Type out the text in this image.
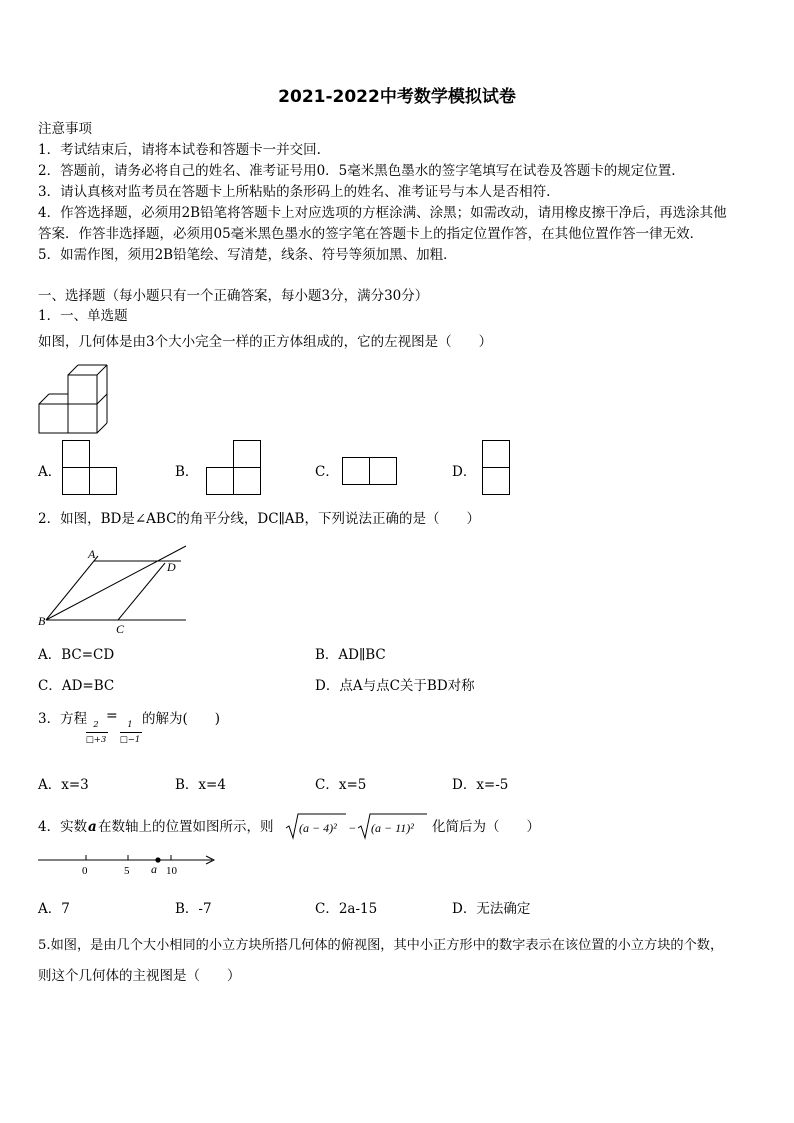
2021-2022中考数学模拟试卷
注意事项
1．考试结束后，请将本试卷和答题卡一并交回.
2．答题前，请务必将自己的姓名、准考证号用0．5毫米黑色墨水的签字笔填写在试卷及答题卡的规定位置.
3．请认真核对监考员在答题卡上所粘贴的条形码上的姓名、准考证号与本人是否相符.
4．作答选择题，必须用2B铅笔将答题卡上对应选项的方框涂满、涂黑；如需改动，请用橡皮擦干净后，再选涂其他
答案．作答非选择题，必须用05毫米黑色墨水的签字笔在答题卡上的指定位置作答，在其他位置作答一律无效．
5．如需作图，须用2B铅笔绘、写清楚，线条、符号等须加黑、加粗．
一、选择题（每小题只有一个正确答案，每小题3分，满分30分）
1．一、单选题
如图，几何体是由3个大小完全一样的正方体组成的，它的左视图是（　　）
A．	B．	C．	D．
2．如图，BD是∠ABC的角平分线，DC∥AB，下列说法正确的是（　　）
A
D
B
C
A．BC=CD	B．AD∥BC
C．AD=BC	D．点A与点C关于BD对称
3．方程 2
□+3
=
1
□−1
的解为(　　)
A．x=3	B．x=4	C．x=5	D．x=-5
4．实数 a 在数轴上的位置如图所示，则 (a − 4)² − (a − 11)² 化简后为（　　）
0	5 a 10
A．7	B．-7	C．2a-15	D．无法确定
5.如图，是由几个大小相同的小立方块所搭几何体的俯视图，其中小正方形中的数字表示在该位置的小立方块的个数，
则这个几何体的主视图是（　　）
